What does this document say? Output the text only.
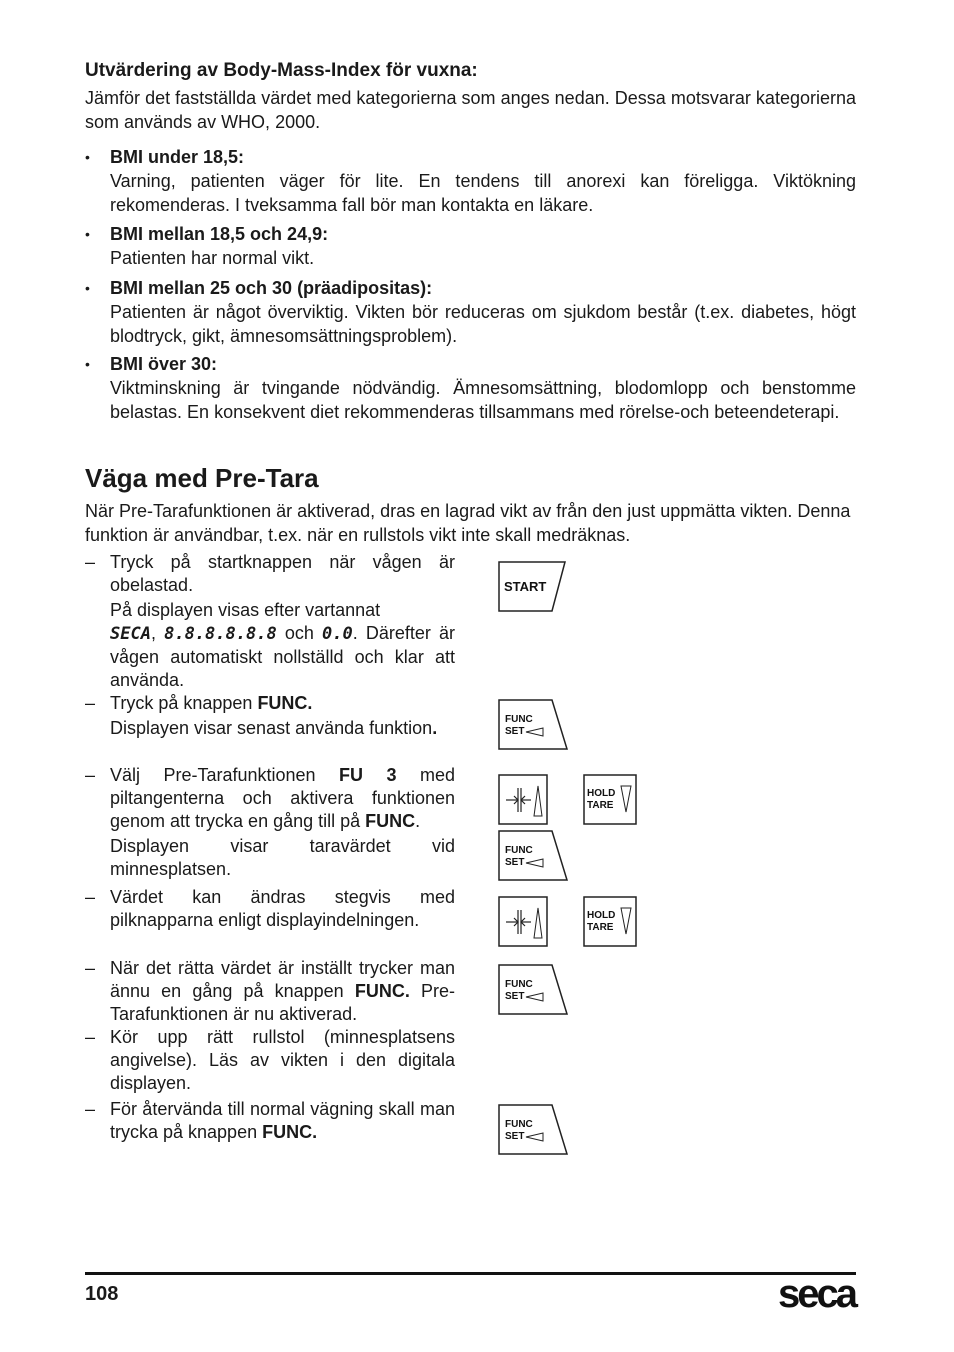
Utvärdering av Body-Mass-Index för vuxna:

Jämför det fastställda värdet med kategorierna som anges nedan. Dessa motsvarar kategorierna som används av WHO, 2000.

• BMI under 18,5:
Varning, patienten väger för lite. En tendens till anorexi kan föreligga. Viktökning rekomenderas. I tveksamma fall bör man kontakta en läkare.
• BMI mellan 18,5 och 24,9:
Patienten har normal vikt.
• BMI mellan 25 och 30 (präadipositas):
Patienten är något överviktig. Vikten bör reduceras om sjukdom består (t.ex. diabetes, högt blodtryck, gikt, ämnesomsättningsproblem).
• BMI över 30:
Viktminskning är tvingande nödvändig. Ämnesomsättning, blodomlopp och benstomme belastas. En konsekvent diet rekommenderas tillsammans med rörelse-och beteendeterapi.
Väga med Pre-Tara

När Pre-Tarafunktionen är aktiverad, dras en lagrad vikt av från den just uppmätta vikten. Denna funktion är användbar, t.ex. när en rullstols vikt inte skall medräknas.

– Tryck på startknappen när vågen är obelastad.
På displayen visas efter vartannat
SECA, 8.8.8.8.8.8 och 0.0. Därefter är vågen automatiskt nollställd och klar att använda.
– Tryck på knappen FUNC.
Displayen visar senast använda funktion.
– Välj Pre-Tarafunktionen FU 3 med piltangenterna och aktivera funktionen genom att trycka en gång till på FUNC.
Displayen visar taravärdet vid minnesplatsen.
– Värdet kan ändras stegvis med pilknapparna enligt displayindelningen.
– När det rätta värdet är inställt trycker man ännu en gång på knappen FUNC. Pre-Tarafunktionen är nu aktiverad.
– Kör upp rätt rullstol (minnesplatsens angivelse). Läs av vikten i den digitala displayen.
– För återvända till normal vägning skall man trycka på knappen FUNC.
START
FUNC
SET
FUNC
SET
FUNC
SET
FUNC
SET
HOLD
TARE
HOLD
TARE
108	seca
